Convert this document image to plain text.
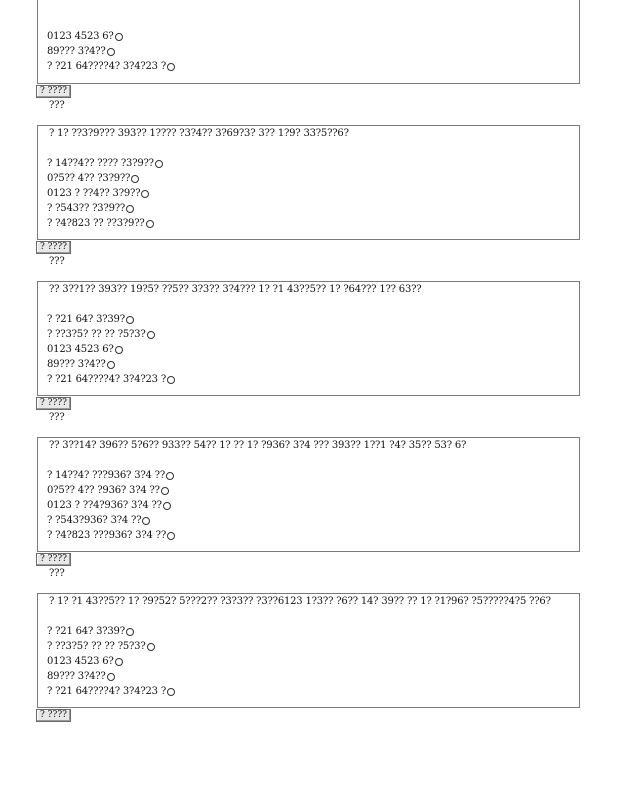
0123 4523 6?
89??? 3?4??
? ?21 64????4? 3?4?23 ?
? ????
???
? 1? ??3?9??? 393?? 1???? ?3?4?? 3?69?3? 3?? 1?9? 33?5??6?
? 14??4?? ???? ?3?9??
0?5?? 4?? ?3?9??
0123 ? ??4?? 3?9??
? ?543?? ?3?9??
? ?4?823 ?? ??3?9??
? ????
???
?? 3??1?? 393?? 19?5? ??5?? 3?3?? 3?4??? 1? ?1 43??5?? 1? ?64??? 1?? 63??
? ?21 64? 3?39?
? ??3?5? ?? ?? ?5?3?
0123 4523 6?
89??? 3?4??
? ?21 64????4? 3?4?23 ?
? ????
???
?? 3??14? 396?? 5?6?? 933?? 54?? 1? ?? 1? ?936? 3?4 ??? 393?? 1??1 ?4? 35?? 53? 6?
? 14??4? ???936? 3?4 ??
0?5?? 4?? ?936? 3?4 ??
0123 ? ??4?936? 3?4 ??
? ?543?936? 3?4 ??
? ?4?823 ???936? 3?4 ??
? ????
???
? 1? ?1 43??5?? 1? ?9?52? 5???2?? ?3?3?? ?3??6123 1?3?? ?6?? 14? 39?? ?? 1? ?1?96? ?5?????4?5 ??6?
? ?21 64? 3?39?
? ??3?5? ?? ?? ?5?3?
0123 4523 6?
89??? 3?4??
? ?21 64????4? 3?4?23 ?
? ????
